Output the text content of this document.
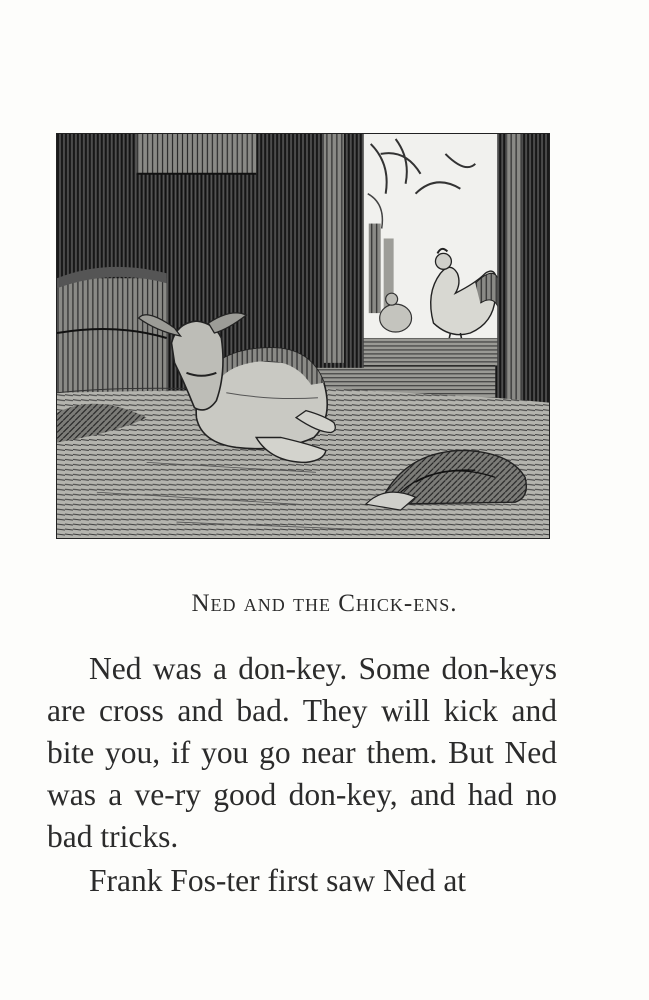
Ned and the Chick-ens.

Ned was a don-key. Some don-keys are cross and bad. They will kick and bite you, if you go near them. But Ned was a ve-ry good don-key, and had no bad tricks.

Frank Fos-ter first saw Ned at
